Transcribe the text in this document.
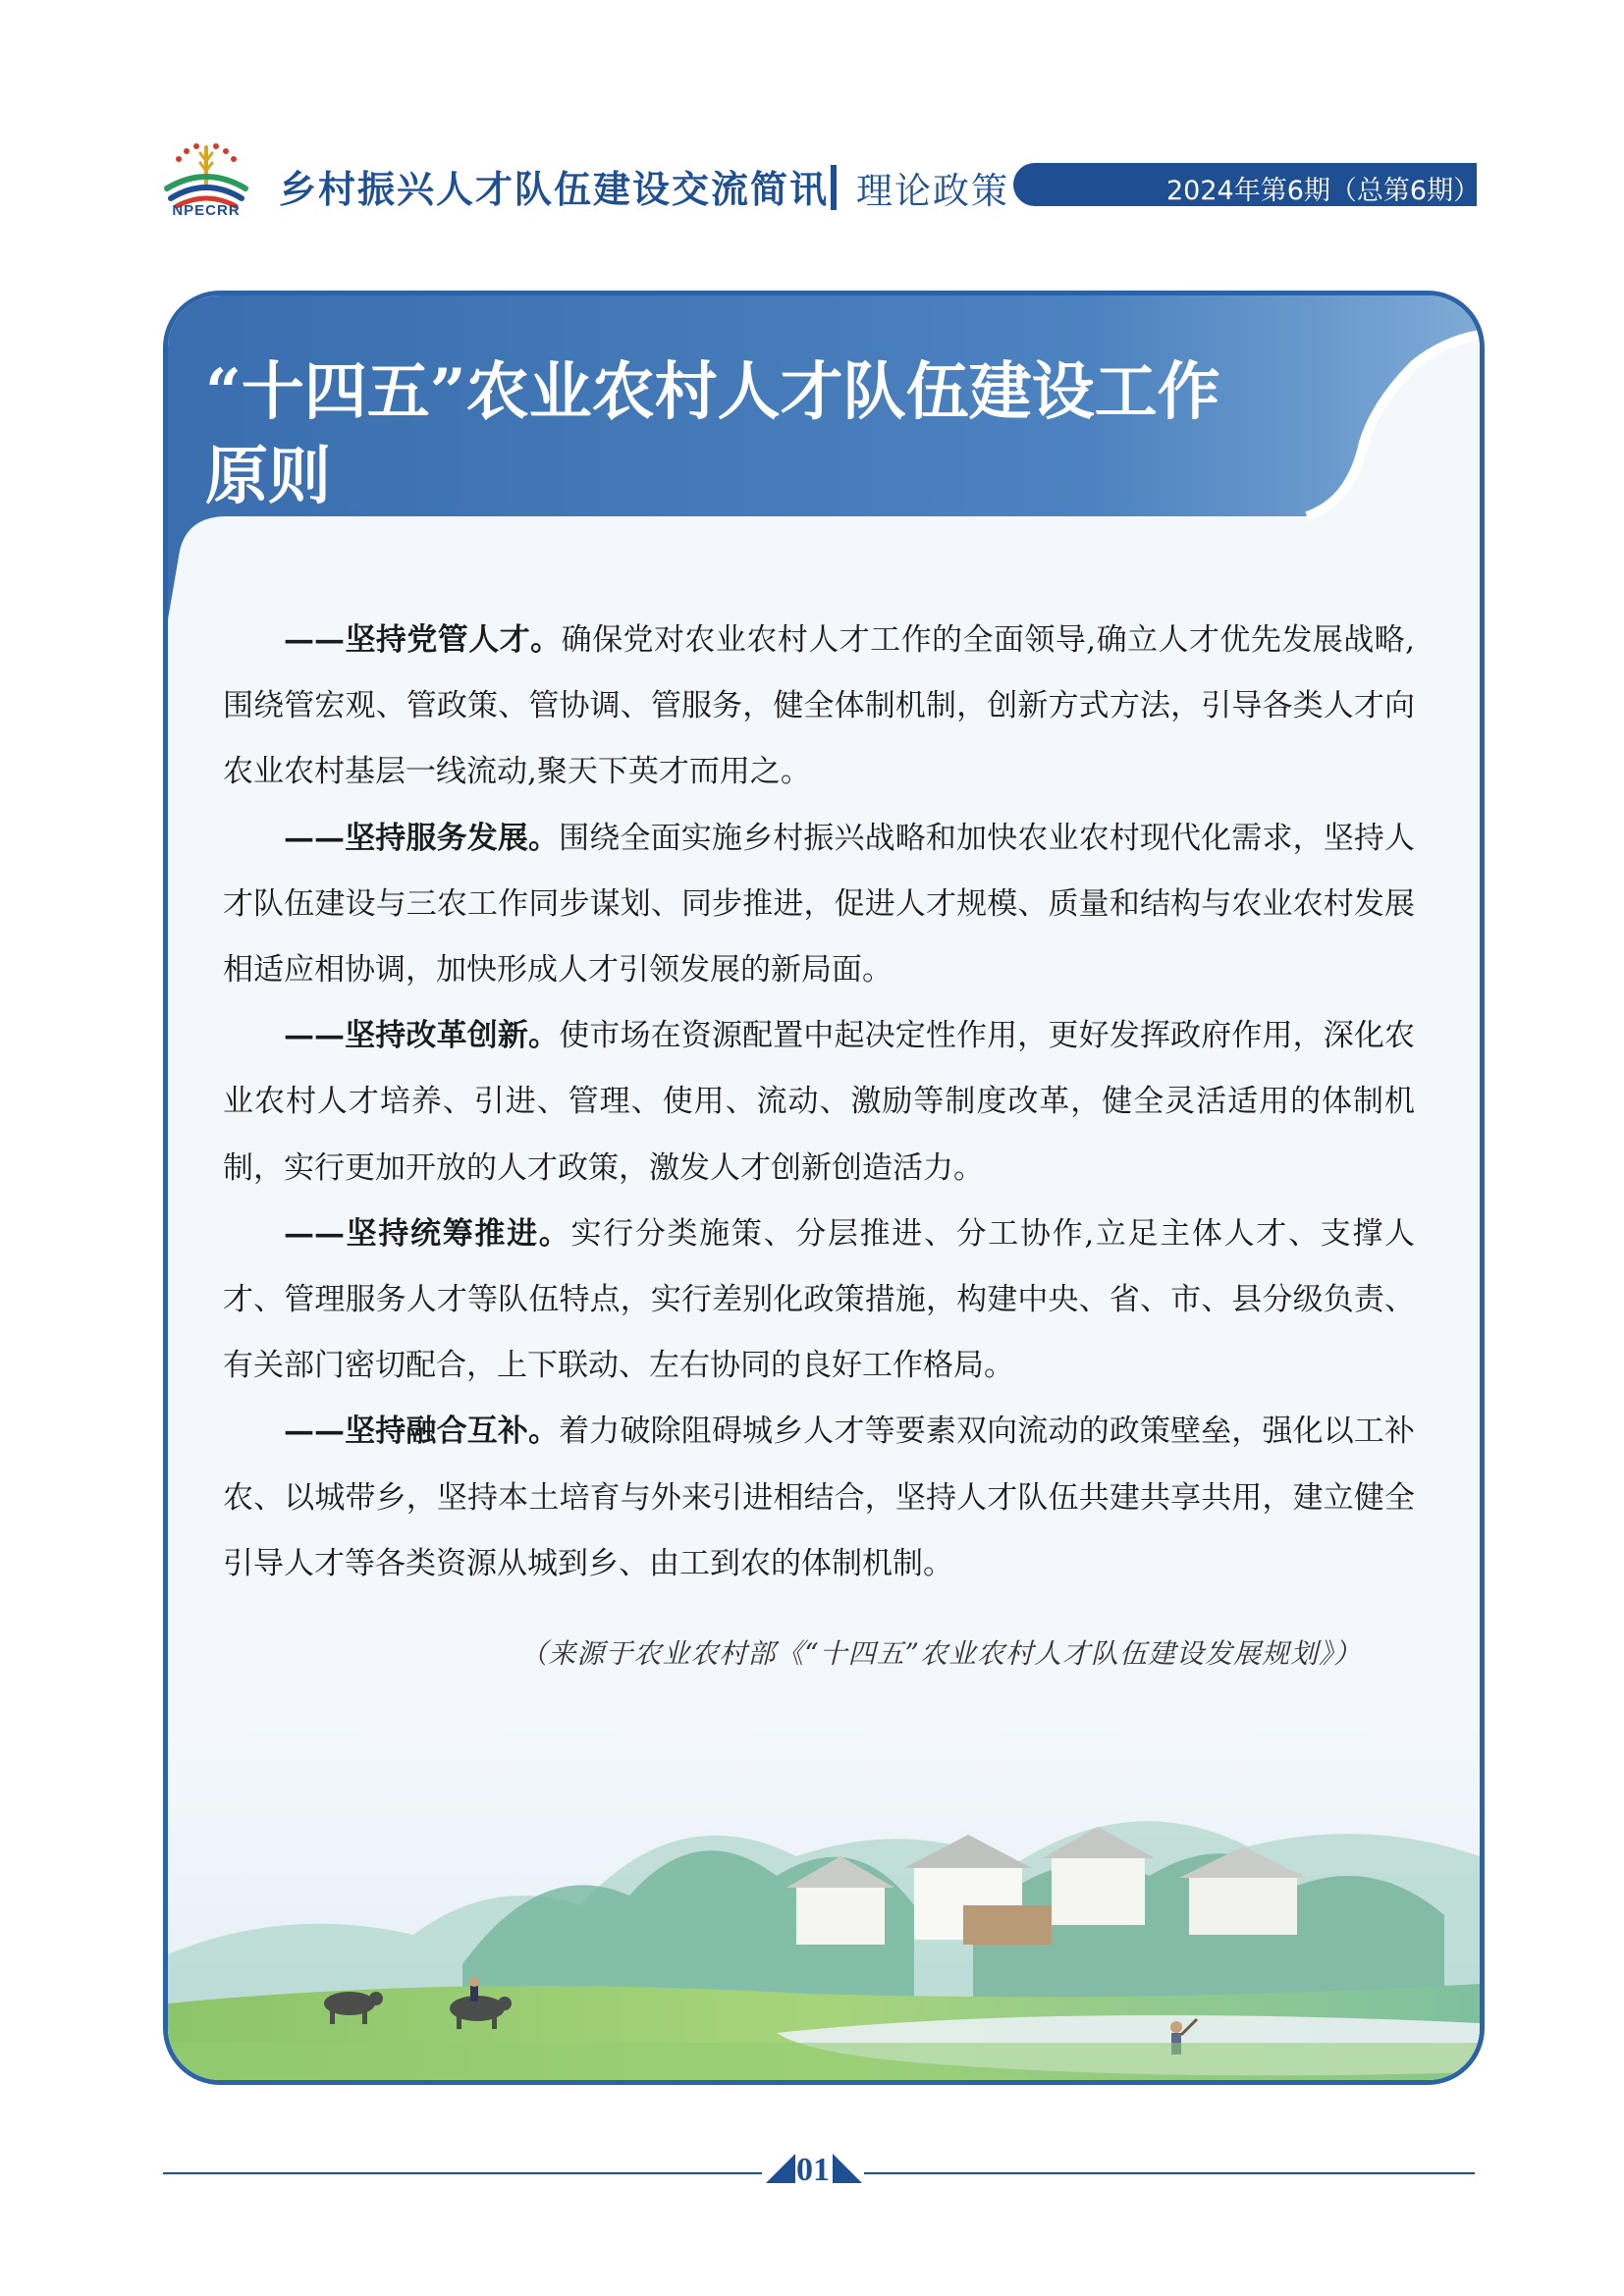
NPECRR	乡村振兴人才队伍建设交流简讯 理论政策	2024年第6期（总第6期）
“十四五”农业农村人才队伍建设工作
原则

——坚持党管人才。确保党对农业农村人才工作的全面领导,确立人才优先发展战略,围绕管宏观、管政策、管协调、管服务，健全体制机制，创新方式方法，引导各类人才向农业农村基层一线流动,聚天下英才而用之。

——坚持服务发展。围绕全面实施乡村振兴战略和加快农业农村现代化需求，坚持人才队伍建设与三农工作同步谋划、同步推进，促进人才规模、质量和结构与农业农村发展相适应相协调，加快形成人才引领发展的新局面。

——坚持改革创新。使市场在资源配置中起决定性作用，更好发挥政府作用，深化农业农村人才培养、引进、管理、使用、流动、激励等制度改革，健全灵活适用的体制机制，实行更加开放的人才政策，激发人才创新创造活力。

——坚持统筹推进。实行分类施策、分层推进、分工协作,立足主体人才、支撑人才、管理服务人才等队伍特点，实行差别化政策措施，构建中央、省、市、县分级负责、有关部门密切配合，上下联动、左右协同的良好工作格局。

——坚持融合互补。着力破除阻碍城乡人才等要素双向流动的政策壁垒，强化以工补农、以城带乡，坚持本土培育与外来引进相结合，坚持人才队伍共建共享共用，建立健全引导人才等各类资源从城到乡、由工到农的体制机制。

（来源于农业农村部《“十四五”农业农村人才队伍建设发展规划》）
01
